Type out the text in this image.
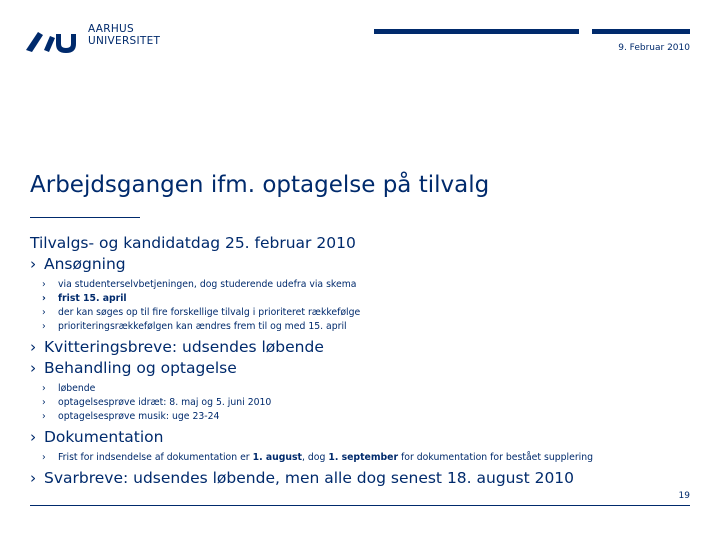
AARHUS
UNIVERSITET
9. Februar 2010
Arbejdsgangen ifm. optagelse på tilvalg
Tilvalgs- og kandidatdag 25. februar 2010
› Ansøgning
› via studenterselvbetjeningen, dog studerende udefra via skema
› frist 15. april
› der kan søges op til fire forskellige tilvalg i prioriteret rækkefølge
› prioriteringsrækkefølgen kan ændres frem til og med 15. april
› Kvitteringsbreve: udsendes løbende
› Behandling og optagelse
› løbende
› optagelsesprøve idræt: 8. maj og 5. juni 2010
› optagelsesprøve musik: uge 23-24
› Dokumentation
› Frist for indsendelse af dokumentation er 1. august, dog 1. september for dokumentation for bestået supplering
› Svarbreve: udsendes løbende, men alle dog senest 18. august 2010
19
